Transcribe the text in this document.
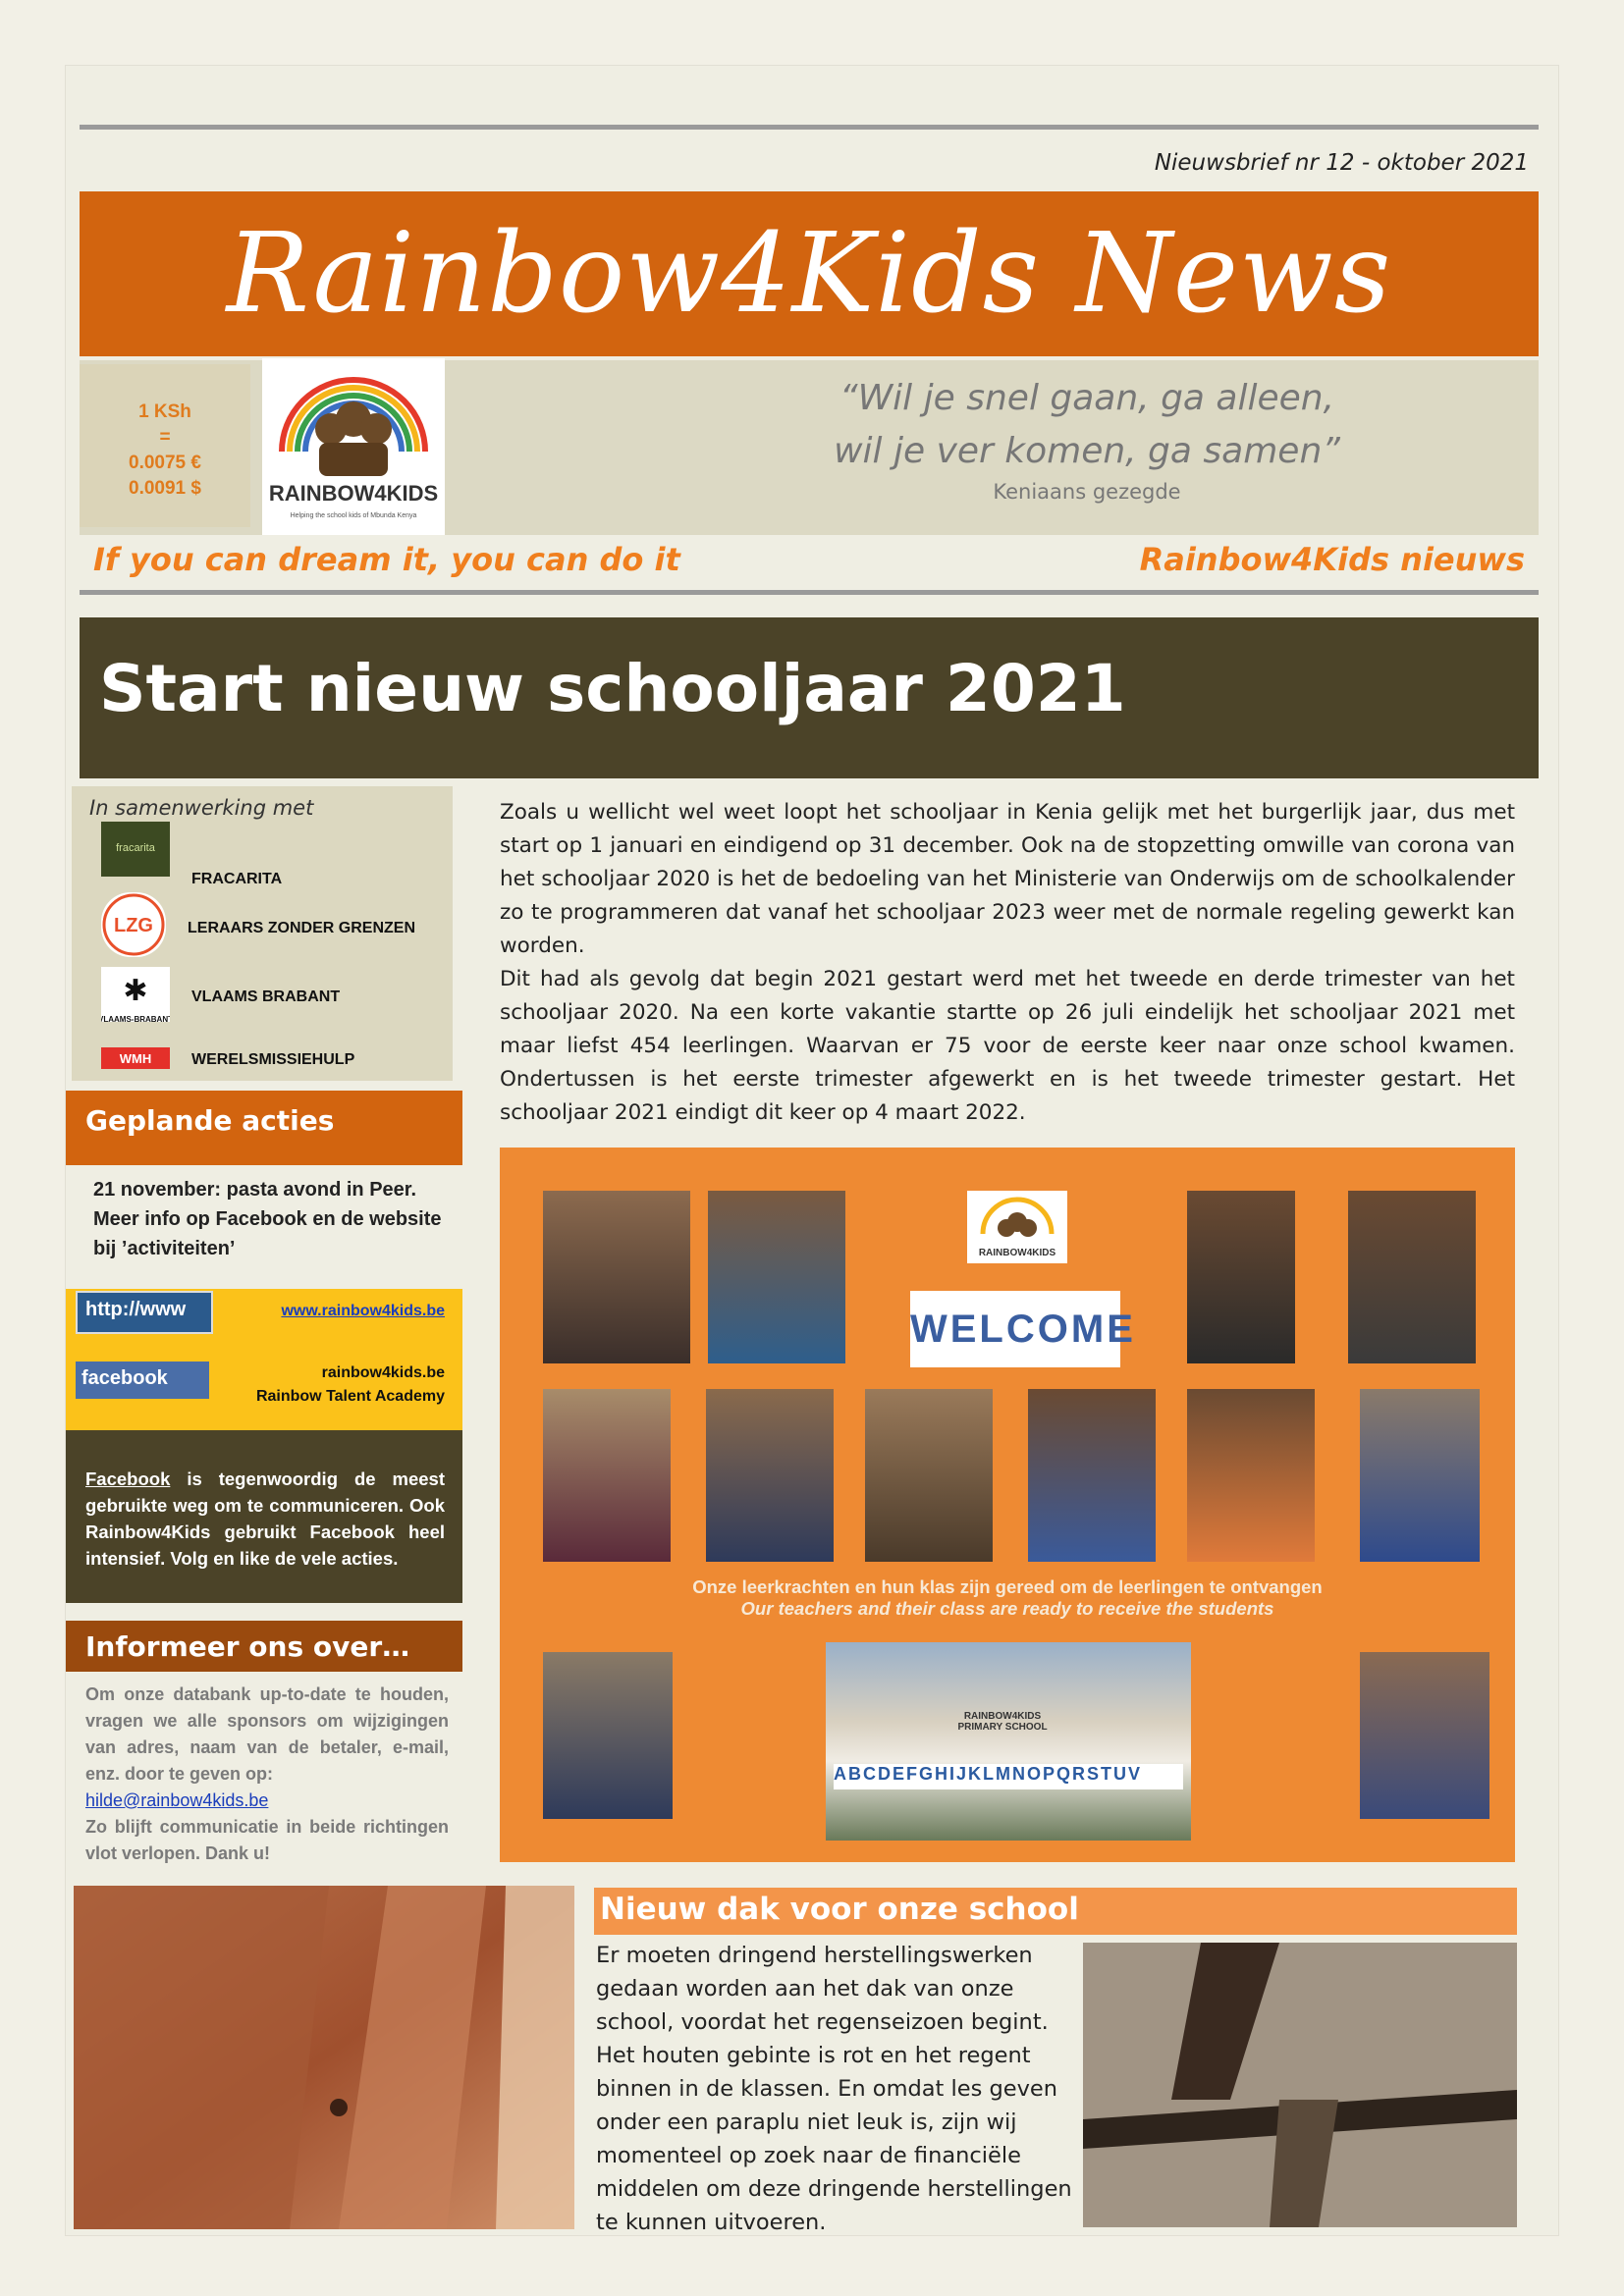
Nieuwsbrief nr 12 - oktober 2021
Rainbow4Kids News
1 KSh
=
0.0075 €
0.0091 $	RAINBOW4KIDS
Helping the school kids of Mbunda Kenya
“Wil je snel gaan, ga alleen,
wil je ver komen, ga samen”
Keniaans gezegde
If you can dream it, you can do it	Rainbow4Kids nieuws
Start nieuw schooljaar 2021
In samenwerking met
fracarita
FRACARITA
LZG LERAARS ZONDER GRENZEN
✱
VLAAMS-BRABANT
VLAAMS BRABANT
WMH	WERELSMISSIEHULP
Geplande acties
21 november: pasta avond in Peer. Meer info op Facebook en de website bij ’activiteiten’
http://www	www.rainbow4kids.be
facebook	rainbow4kids.be
Rainbow Talent Academy
Facebook is tegenwoordig de meest gebruikte weg om te communiceren. Ook Rainbow4Kids gebruikt Facebook heel intensief. Volg en like de vele acties.
Informeer ons over…
Om onze databank up-to-date te houden, vragen we alle sponsors om wijzigingen van adres, naam van de betaler, e-mail, enz. door te geven op:
hilde@rainbow4kids.be
Zo blijft communicatie in beide richtingen vlot verlopen. Dank u!
Zoals u wellicht wel weet loopt het schooljaar in Kenia gelijk met het burgerlijk jaar, dus met start op 1 januari en eindigend op 31 december. Ook na de stopzetting omwille van corona van het schooljaar 2020 is het de bedoeling van het Ministerie van Onderwijs om de schoolkalender zo te programmeren dat vanaf het schooljaar 2023 weer met de normale regeling gewerkt kan worden.
Dit had als gevolg dat begin 2021 gestart werd met het tweede en derde trimester van het schooljaar 2020. Na een korte vakantie startte op 26 juli eindelijk het schooljaar 2021 met maar liefst 454 leerlingen. Waarvan er 75 voor de eerste keer naar onze school kwamen. Ondertussen is het eerste trimester afgewerkt en is het tweede trimester gestart. Het schooljaar 2021 eindigt dit keer op 4 maart 2022.
RAINBOW4KIDS
WELCOME
Onze leerkrachten en hun klas zijn gereed om de leerlingen te ontvangen
Our teachers and their class are ready to receive the students
RAINBOW4KIDS PRIMARY SCHOOL
ABCDEFGHIJKLMNOPQRSTUV
Nieuw dak voor onze school
Er moeten dringend herstellingswerken gedaan worden aan het dak van onze school, voordat het regenseizoen begint. Het houten gebinte is rot en het regent binnen in de klassen. En omdat les geven onder een paraplu niet leuk is, zijn wij momenteel op zoek naar de financiële middelen om deze dringende herstellingen te kunnen uitvoeren.
